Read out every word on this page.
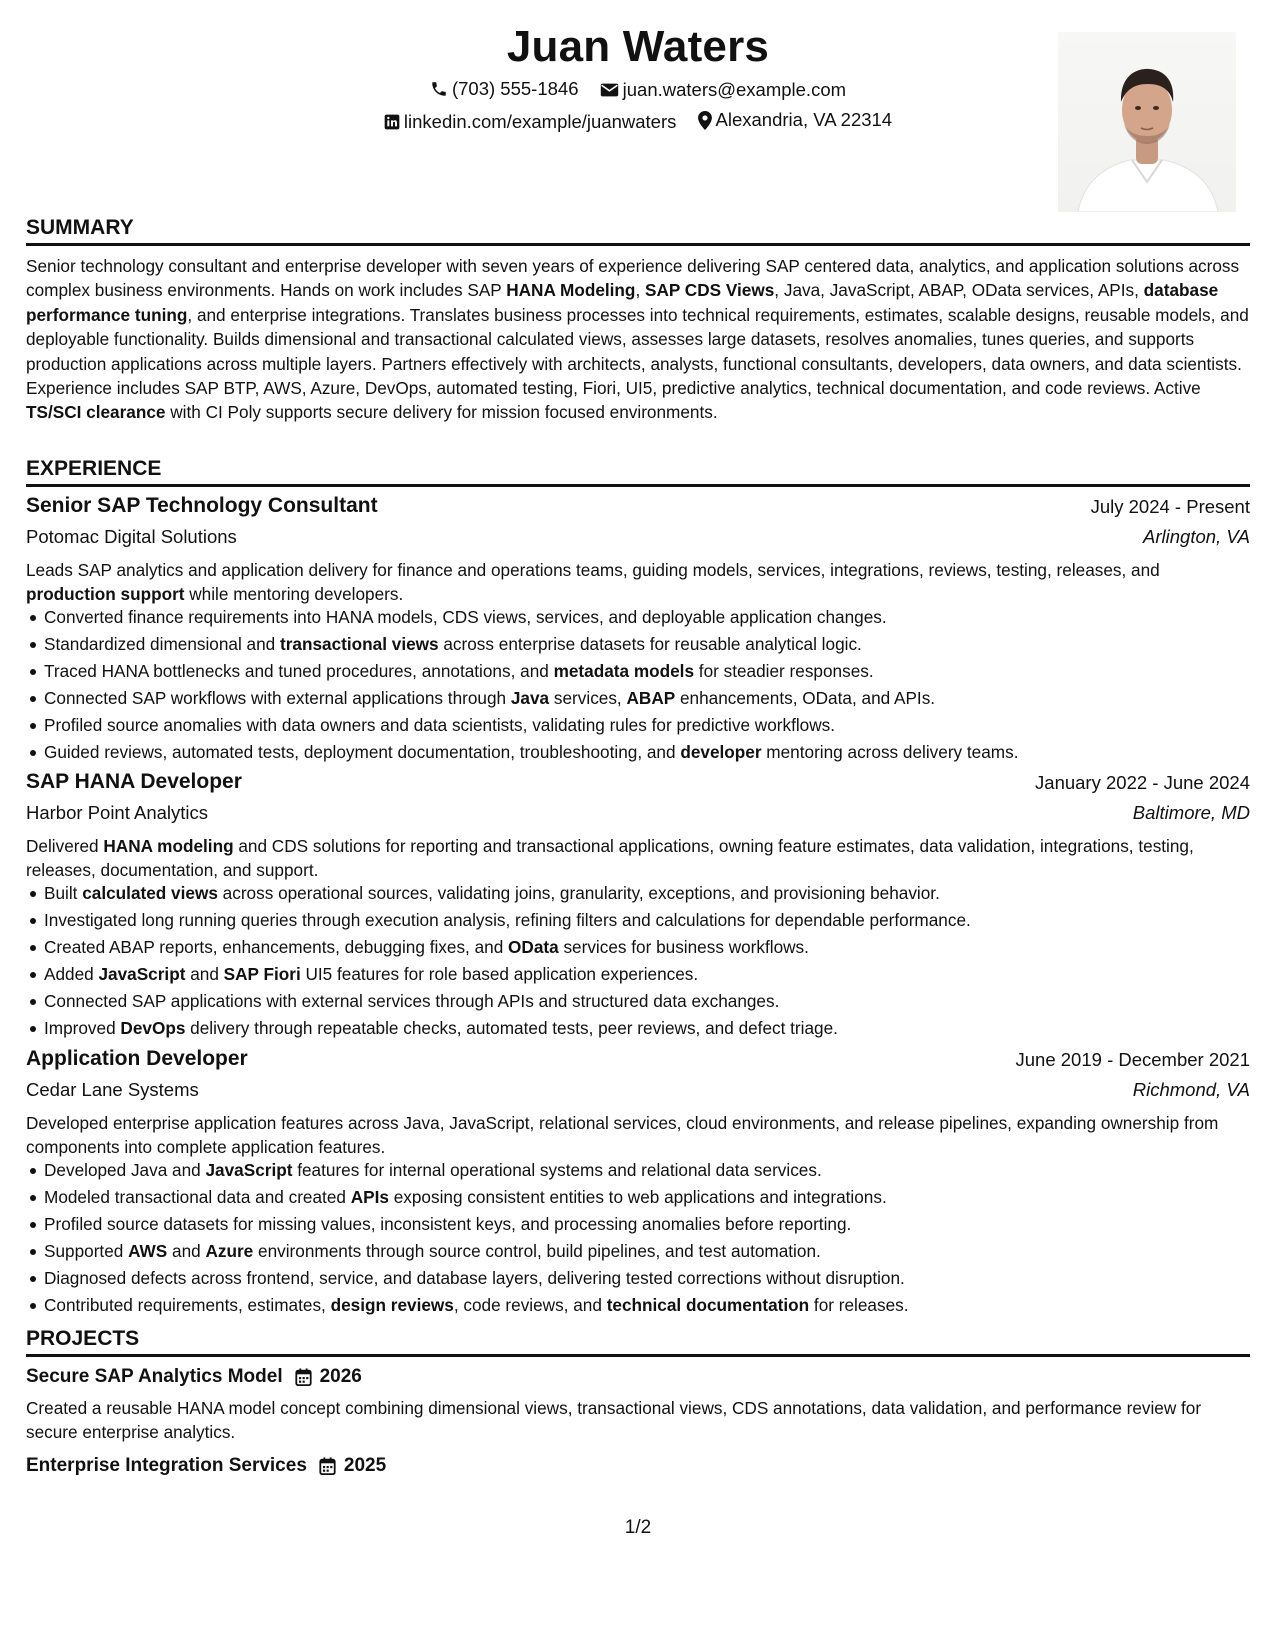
Juan Waters
(703) 555-1846
juan.waters@example.com
linkedin.com/example/juanwaters
Alexandria, VA 22314
SUMMARY
Senior technology consultant and enterprise developer with seven years of experience delivering SAP centered data, analytics, and application solutions across complex business environments. Hands on work includes SAP HANA Modeling, SAP CDS Views, Java, JavaScript, ABAP, OData services, APIs, database performance tuning, and enterprise integrations. Translates business processes into technical requirements, estimates, scalable designs, reusable models, and deployable functionality. Builds dimensional and transactional calculated views, assesses large datasets, resolves anomalies, tunes queries, and supports production applications across multiple layers. Partners effectively with architects, analysts, functional consultants, developers, data owners, and data scientists. Experience includes SAP BTP, AWS, Azure, DevOps, automated testing, Fiori, UI5, predictive analytics, technical documentation, and code reviews. Active TS/SCI clearance with CI Poly supports secure delivery for mission focused environments.
EXPERIENCE
Senior SAP Technology Consultant	July 2024 - Present
Potomac Digital Solutions	Arlington, VA
Leads SAP analytics and application delivery for finance and operations teams, guiding models, services, integrations, reviews, testing, releases, and production support while mentoring developers.
Converted finance requirements into HANA models, CDS views, services, and deployable application changes.
Standardized dimensional and transactional views across enterprise datasets for reusable analytical logic.
Traced HANA bottlenecks and tuned procedures, annotations, and metadata models for steadier responses.
Connected SAP workflows with external applications through Java services, ABAP enhancements, OData, and APIs.
Profiled source anomalies with data owners and data scientists, validating rules for predictive workflows.
Guided reviews, automated tests, deployment documentation, troubleshooting, and developer mentoring across delivery teams.
SAP HANA Developer	January 2022 - June 2024
Harbor Point Analytics	Baltimore, MD
Delivered HANA modeling and CDS solutions for reporting and transactional applications, owning feature estimates, data validation, integrations, testing, releases, documentation, and support.
Built calculated views across operational sources, validating joins, granularity, exceptions, and provisioning behavior.
Investigated long running queries through execution analysis, refining filters and calculations for dependable performance.
Created ABAP reports, enhancements, debugging fixes, and OData services for business workflows.
Added JavaScript and SAP Fiori UI5 features for role based application experiences.
Connected SAP applications with external services through APIs and structured data exchanges.
Improved DevOps delivery through repeatable checks, automated tests, peer reviews, and defect triage.
Application Developer	June 2019 - December 2021
Cedar Lane Systems	Richmond, VA
Developed enterprise application features across Java, JavaScript, relational services, cloud environments, and release pipelines, expanding ownership from components into complete application features.
Developed Java and JavaScript features for internal operational systems and relational data services.
Modeled transactional data and created APIs exposing consistent entities to web applications and integrations.
Profiled source datasets for missing values, inconsistent keys, and processing anomalies before reporting.
Supported AWS and Azure environments through source control, build pipelines, and test automation.
Diagnosed defects across frontend, service, and database layers, delivering tested corrections without disruption.
Contributed requirements, estimates, design reviews, code reviews, and technical documentation for releases.
PROJECTS
Secure SAP Analytics Model 2026
Created a reusable HANA model concept combining dimensional views, transactional views, CDS annotations, data validation, and performance review for secure enterprise analytics.
Enterprise Integration Services 2025
1/2
